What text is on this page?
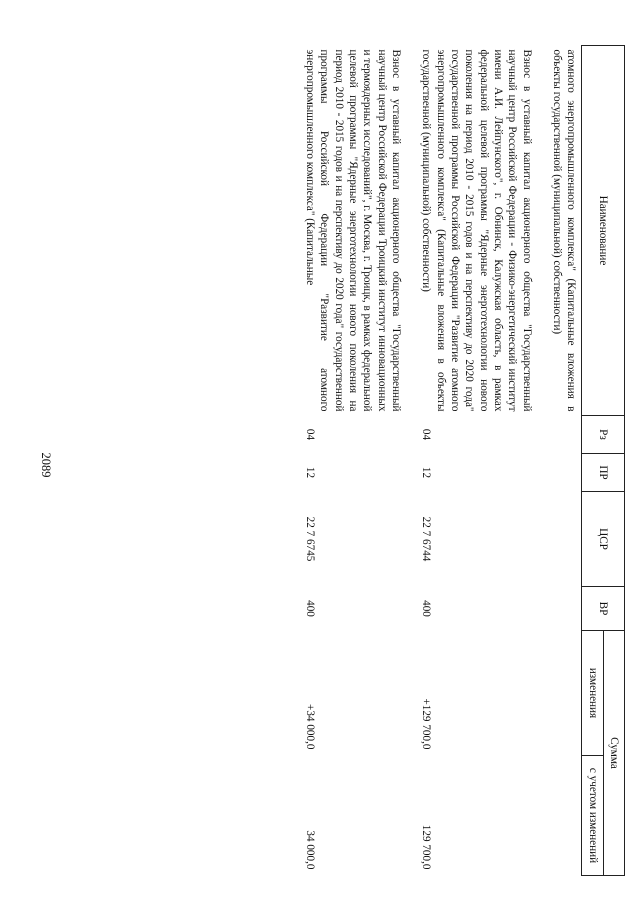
Наименование	Рз	ПР	ЦСР	ВР	Сумма	
					изменения	с учетом изменений
атомного энергопромышленного комплекса" (Капитальные вложения в объекты государственной (муниципальной) собственности)						

Взнос в уставный капитал акционерного общества "Государственный научный центр Российской Федерации - Физико-энергетический институт имени А.И. Лейпунского", г. Обнинск, Калужская область, в рамках федеральной целевой программы "Ядерные энерготехнологии нового поколения на период 2010 - 2015 годов и на перспективу до 2020 года" государственной программы Российской Федерации "Развитие атомного энергопромышленного комплекса" (Капитальные вложения в объекты государственной (муниципальной) собственности)	04	12	22 7 6744	400	+129 700,0	129 700,0

Взнос в уставный капитал акционерного общества "Государственный научный центр Российской Федерации Троицкий институт инновационных и термоядерных исследований", г. Москва, г. Троицк, в рамках федеральной целевой программы "Ядерные энерготехнологии нового поколения на период 2010 - 2015 годов и на перспективу до 2020 года" государственной программы Российской Федерации "Развитие атомного энергопромышленного комплекса" (Капитальные	04	12	22 7 6745	400	+34 000,0	34 000,0
2089
